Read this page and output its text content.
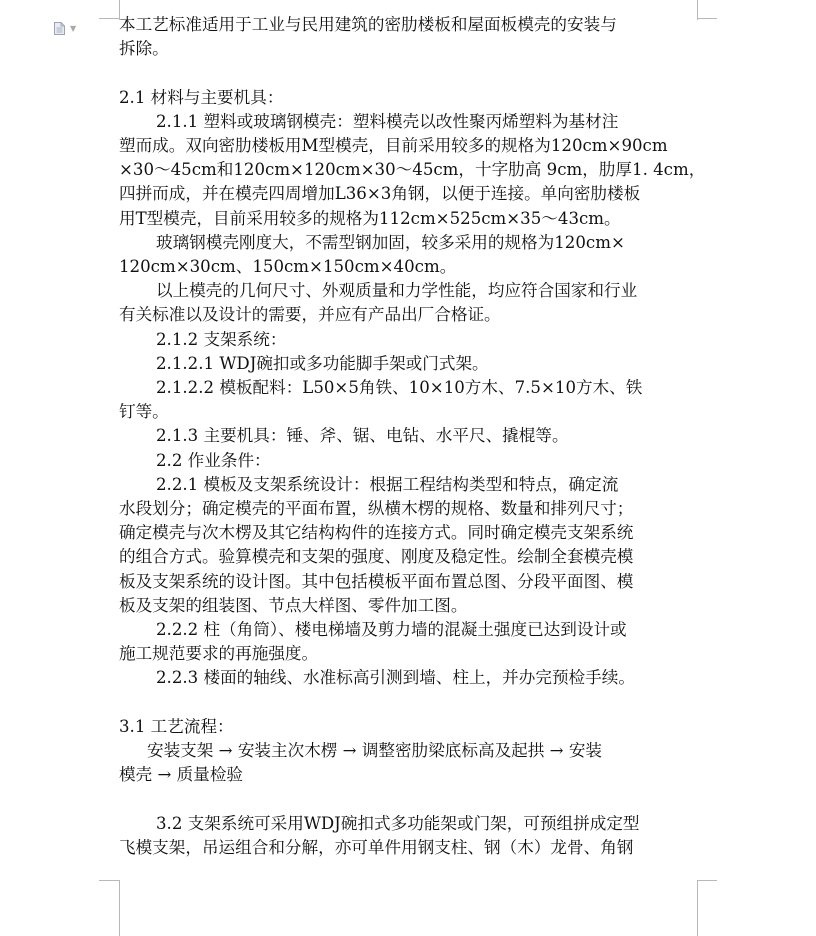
▼	本工艺标准适用于工业与民用建筑的密肋楼板和屋面板模壳的安装与

拆除。

2.1 材料与主要机具：

2.1.1 塑料或玻璃钢模壳：塑料模壳以改性聚丙烯塑料为基材注

塑而成。双向密肋楼板用M型模壳，目前采用较多的规格为120cm×90cm

×30～45cm和120cm×120cm×30～45cm，十字肋高 9cm，肋厚1. 4cm，

四拼而成，并在模壳四周增加L36×3角钢，以便于连接。单向密肋楼板

用T型模壳，目前采用较多的规格为112cm×525cm×35～43cm。

玻璃钢模壳刚度大，不需型钢加固，较多采用的规格为120cm×

120cm×30cm、150cm×150cm×40cm。

以上模壳的几何尺寸、外观质量和力学性能，均应符合国家和行业

有关标准以及设计的需要，并应有产品出厂合格证。

2.1.2 支架系统：

2.1.2.1 WDJ碗扣或多功能脚手架或门式架。

2.1.2.2 模板配料：L50×5角铁、10×10方木、7.5×10方木、铁

钉等。

2.1.3 主要机具：锤、斧、锯、电钻、水平尺、撬棍等。

2.2 作业条件：

2.2.1 模板及支架系统设计：根据工程结构类型和特点，确定流

水段划分；确定模壳的平面布置，纵横木楞的规格、数量和排列尺寸；

确定模壳与次木楞及其它结构构件的连接方式。同时确定模壳支架系统

的组合方式。验算模壳和支架的强度、刚度及稳定性。绘制全套模壳模

板及支架系统的设计图。其中包括模板平面布置总图、分段平面图、模

板及支架的组装图、节点大样图、零件加工图。

2.2.2 柱（角筒）、楼电梯墙及剪力墙的混凝土强度已达到设计或

施工规范要求的再施强度。

2.2.3 楼面的轴线、水准标高引测到墙、柱上，并办完预检手续。

3.1 工艺流程：

安装支架 → 安装主次木楞 → 调整密肋梁底标高及起拱 → 安装

模壳 → 质量检验

3.2 支架系统可采用WDJ碗扣式多功能架或门架，可预组拼成定型

飞模支架，吊运组合和分解，亦可单件用钢支柱、钢（木）龙骨、角钢
